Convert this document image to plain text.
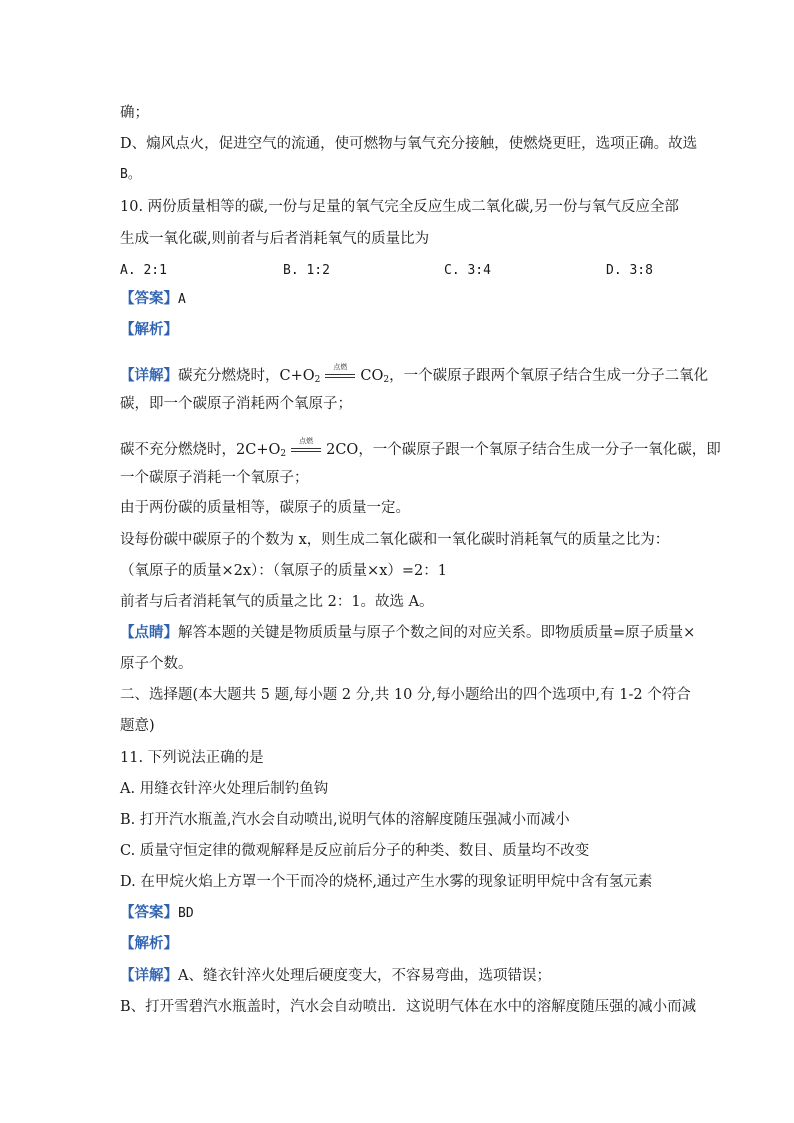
确；
D、煽风点火，促进空气的流通，使可燃物与氧气充分接触，使燃烧更旺，选项正确。故选
B。
10. 两份质量相等的碳,一份与足量的氧气完全反应生成二氧化碳,另一份与氧气反应全部
生成一氧化碳,则前者与后者消耗氧气的质量比为
A. 2:1	B. 1:2	C. 3:4	D. 3:8
【答案】A
【解析】
【详解】碳充分燃烧时，$C+O_2$
点燃
$CO_2$，一个碳原子跟两个氧原子结合生成一分子二氧化
碳，即一个碳原子消耗两个氧原子；
碳不充分燃烧时，$2C+O_2$
点燃
2CO，一个碳原子跟一个氧原子结合生成一分子一氧化碳，即
一个碳原子消耗一个氧原子；
由于两份碳的质量相等，碳原子的质量一定。
设每份碳中碳原子的个数为 x，则生成二氧化碳和一氧化碳时消耗氧气的质量之比为：
（氧原子的质量×2x）：（氧原子的质量×x）=2：1
前者与后者消耗氧气的质量之比 2：1。故选 A。
【点睛】解答本题的关键是物质质量与原子个数之间的对应关系。即物质质量=原子质量×
原子个数。
二、选择题(本大题共 5 题,每小题 2 分,共 10 分,每小题给出的四个选项中,有 1-2 个符合
题意)
11. 下列说法正确的是
A. 用缝衣针淬火处理后制钓鱼钩
B. 打开汽水瓶盖,汽水会自动喷出,说明气体的溶解度随压强减小而减小
C. 质量守恒定律的微观解释是反应前后分子的种类、数目、质量均不改变
D. 在甲烷火焰上方罩一个干而冷的烧杯,通过产生水雾的现象证明甲烷中含有氢元素
【答案】BD
【解析】
【详解】A、缝衣针淬火处理后硬度变大，不容易弯曲，选项错误；
B、打开雪碧汽水瓶盖时，汽水会自动喷出．这说明气体在水中的溶解度随压强的减小而减
